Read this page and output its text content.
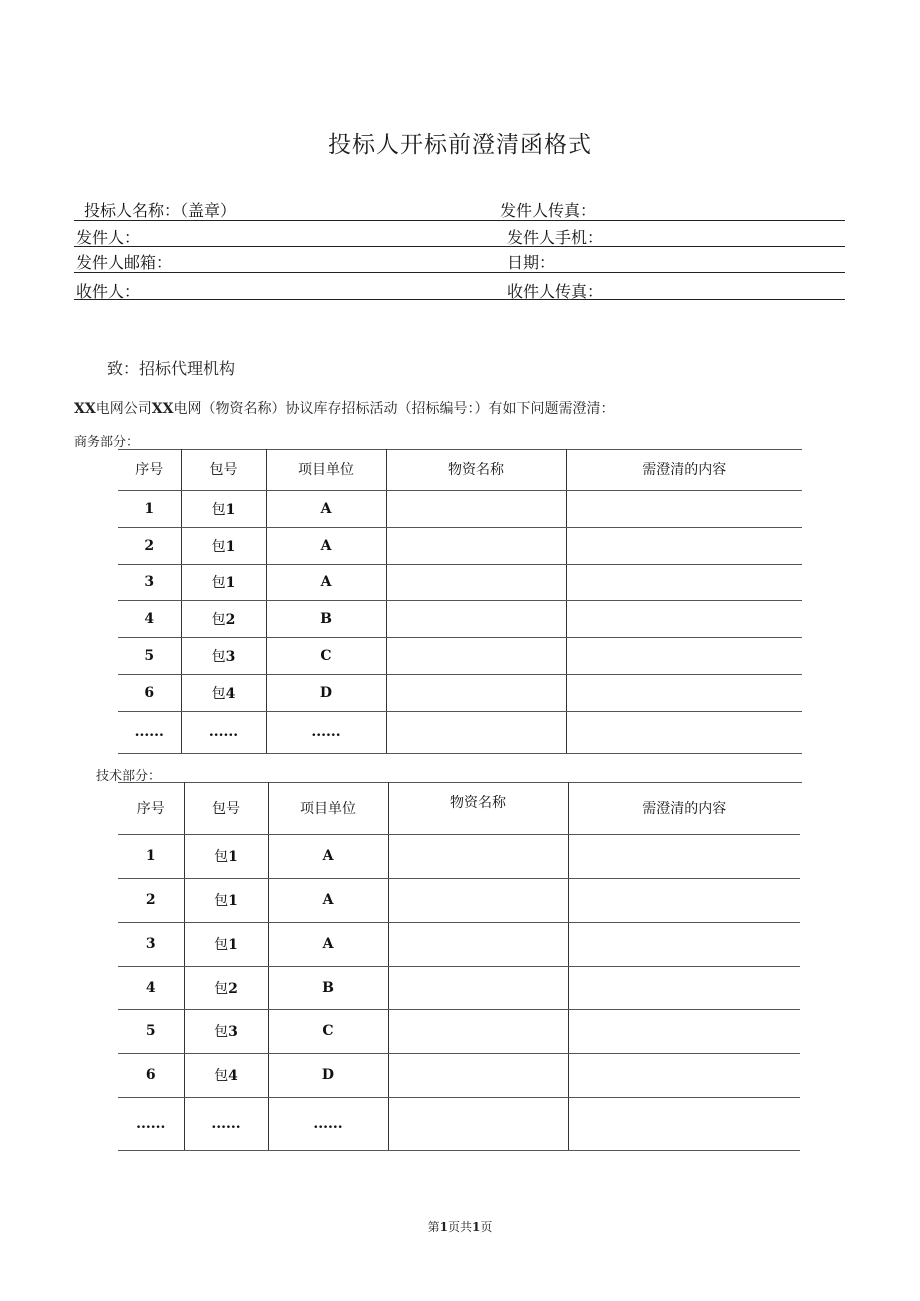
投标人开标前澄清函格式
投标人名称：（盖章）	发件人传真：
发件人：	发件人手机：
发件人邮箱：	日期：
收件人：	收件人传真：
致：招标代理机构
XX电网公司XX电网（物资名称）协议库存招标活动（招标编号：）有如下问题需澄清：
商务部分：
序号	包号	项目单位	物资名称	需澄清的内容
1	包1	A		
2	包1	A		
3	包1	A		
4	包2	B		
5	包3	C		
6	包4	D		
......	......	......		
技术部分：
序号	包号	项目单位	物资名称	需澄清的内容
1	包1	A		
2	包1	A		
3	包1	A		
4	包2	B		
5	包3	C		
6	包4	D		
......	......	......		
第1页共1页
